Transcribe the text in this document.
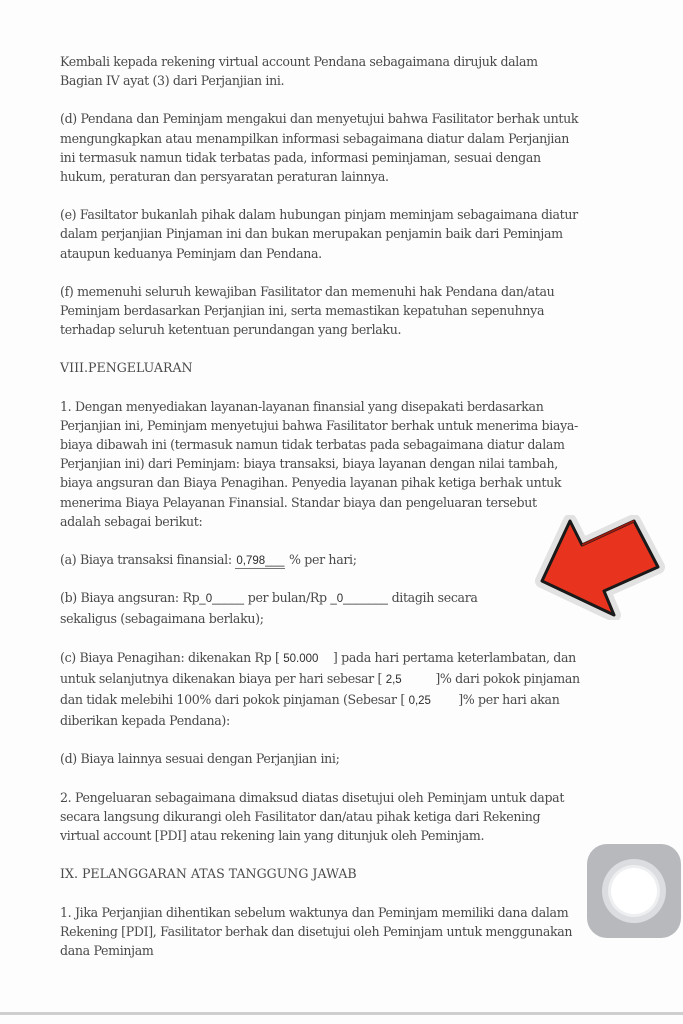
Kembali kepada rekening virtual account Pendana sebagaimana dirujuk dalam Bagian IV ayat (3) dari Perjanjian ini.

(d) Pendana dan Peminjam mengakui dan menyetujui bahwa Fasilitator berhak untuk mengungkapkan atau menampilkan informasi sebagaimana diatur dalam Perjanjian ini termasuk namun tidak terbatas pada, informasi peminjaman, sesuai dengan hukum, peraturan dan persyaratan peraturan lainnya.

(e) Fasiltator bukanlah pihak dalam hubungan pinjam meminjam sebagaimana diatur dalam perjanjian Pinjaman ini dan bukan merupakan penjamin baik dari Peminjam ataupun keduanya Peminjam dan Pendana.

(f) memenuhi seluruh kewajiban Fasilitator dan memenuhi hak Pendana dan/atau Peminjam berdasarkan Perjanjian ini, serta memastikan kepatuhan sepenuhnya terhadap seluruh ketentuan perundangan yang berlaku.

VIII.PENGELUARAN

1. Dengan menyediakan layanan-layanan finansial yang disepakati berdasarkan Perjanjian ini, Peminjam menyetujui bahwa Fasilitator berhak untuk menerima biaya-biaya dibawah ini (termasuk namun tidak terbatas pada sebagaimana diatur dalam Perjanjian ini) dari Peminjam: biaya transaksi, biaya layanan dengan nilai tambah, biaya angsuran dan Biaya Penagihan. Penyedia layanan pihak ketiga berhak untuk menerima Biaya Pelayanan Finansial. Standar biaya dan pengeluaran tersebut adalah sebagai berikut:

(a) Biaya transaksi finansial: 0,798___ % per hari;

(b) Biaya angsuran: Rp_0_____ per bulan/Rp _0_______ ditagih secara sekaligus (sebagaimana berlaku);

(c) Biaya Penagihan: dikenakan Rp [ 50.000 ] pada hari pertama keterlambatan, dan untuk selanjutnya dikenakan biaya per hari sebesar [ 2,5 ]% dari pokok pinjaman dan tidak melebihi 100% dari pokok pinjaman (Sebesar [ 0,25 ]% per hari akan diberikan kepada Pendana):

(d) Biaya lainnya sesuai dengan Perjanjian ini;

2. Pengeluaran sebagaimana dimaksud diatas disetujui oleh Peminjam untuk dapat secara langsung dikurangi oleh Fasilitator dan/atau pihak ketiga dari Rekening virtual account [PDI] atau rekening lain yang ditunjuk oleh Peminjam.

IX. PELANGGARAN ATAS TANGGUNG JAWAB

1. Jika Perjanjian dihentikan sebelum waktunya dan Peminjam memiliki dana dalam Rekening [PDI], Fasilitator berhak dan disetujui oleh Peminjam untuk menggunakan dana Peminjam
